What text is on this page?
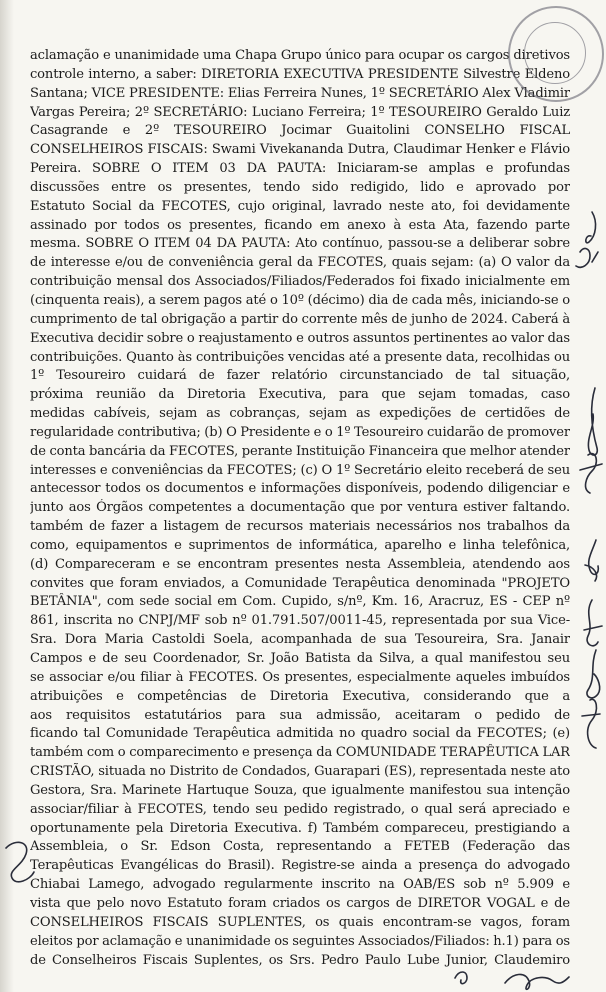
aclamação e unanimidade uma Chapa Grupo único para ocupar os cargos diretivos
controle interno, a saber: DIRETORIA EXECUTIVA PRESIDENTE Silvestre Eldeno
Santana; VICE PRESIDENTE: Elias Ferreira Nunes, 1º SECRETÁRIO Alex Vladimir
Vargas Pereira; 2º SECRETÁRIO: Luciano Ferreira; 1º TESOUREIRO Geraldo Luiz
Casagrande e 2º TESOUREIRO Jocimar Guaitolini CONSELHO FISCAL
CONSELHEIROS FISCAIS: Swami Vivekananda Dutra, Claudimar Henker e Flávio
Pereira. SOBRE O ITEM 03 DA PAUTA: Iniciaram-se amplas e profundas
discussões entre os presentes, tendo sido redigido, lido e aprovado por
Estatuto Social da FECOTES, cujo original, lavrado neste ato, foi devidamente
assinado por todos os presentes, ficando em anexo à esta Ata, fazendo parte
mesma. SOBRE O ITEM 04 DA PAUTA: Ato contínuo, passou-se a deliberar sobre
de interesse e/ou de conveniência geral da FECOTES, quais sejam: (a) O valor da
contribuição mensal dos Associados/Filiados/Federados foi fixado inicialmente em
(cinquenta reais), a serem pagos até o 10º (décimo) dia de cada mês, iniciando-se o
cumprimento de tal obrigação a partir do corrente mês de junho de 2024. Caberá à
Executiva decidir sobre o reajustamento e outros assuntos pertinentes ao valor das
contribuições. Quanto às contribuições vencidas até a presente data, recolhidas ou
1º Tesoureiro cuidará de fazer relatório circunstanciado de tal situação,
próxima reunião da Diretoria Executiva, para que sejam tomadas, caso
medidas cabíveis, sejam as cobranças, sejam as expedições de certidões de
regularidade contributiva; (b) O Presidente e o 1º Tesoureiro cuidarão de promover
de conta bancária da FECOTES, perante Instituição Financeira que melhor atender
interesses e conveniências da FECOTES; (c) O 1º Secretário eleito receberá de seu
antecessor todos os documentos e informações disponíveis, podendo diligenciar e
junto aos Órgãos competentes a documentação que por ventura estiver faltando.
também de fazer a listagem de recursos materiais necessários nos trabalhos da
como, equipamentos e suprimentos de informática, aparelho e linha telefônica,
(d) Compareceram e se encontram presentes nesta Assembleia, atendendo aos
convites que foram enviados, a Comunidade Terapêutica denominada "PROJETO
BETÂNIA", com sede social em Com. Cupido, s/nº, Km. 16, Aracruz, ES - CEP nº
861, inscrita no CNPJ/MF sob nº 01.791.507/0011-45, representada por sua Vice-
Sra. Dora Maria Castoldi Soela, acompanhada de sua Tesoureira, Sra. Janair
Campos e de seu Coordenador, Sr. João Batista da Silva, a qual manifestou seu
se associar e/ou filiar à FECOTES. Os presentes, especialmente aqueles imbuídos
atribuições e competências de Diretoria Executiva, considerando que a
aos requisitos estatutários para sua admissão, aceitaram o pedido de
ficando tal Comunidade Terapêutica admitida no quadro social da FECOTES; (e)
também com o comparecimento e presença da COMUNIDADE TERAPÊUTICA LAR
CRISTÃO, situada no Distrito de Condados, Guarapari (ES), representada neste ato
Gestora, Sra. Marinete Hartuque Souza, que igualmente manifestou sua intenção
associar/filiar à FECOTES, tendo seu pedido registrado, o qual será apreciado e
oportunamente pela Diretoria Executiva. f) Também compareceu, prestigiando a
Assembleia, o Sr. Edson Costa, representando a FETEB (Federação das
Terapêuticas Evangélicas do Brasil). Registre-se ainda a presença do advogado
Chiabai Lamego, advogado regularmente inscrito na OAB/ES sob nº 5.909 e
vista que pelo novo Estatuto foram criados os cargos de DIRETOR VOGAL e de
CONSELHEIROS FISCAIS SUPLENTES, os quais encontram-se vagos, foram
eleitos por aclamação e unanimidade os seguintes Associados/Filiados: h.1) para os
de Conselheiros Fiscais Suplentes, os Srs. Pedro Paulo Lube Junior, Claudemiro
